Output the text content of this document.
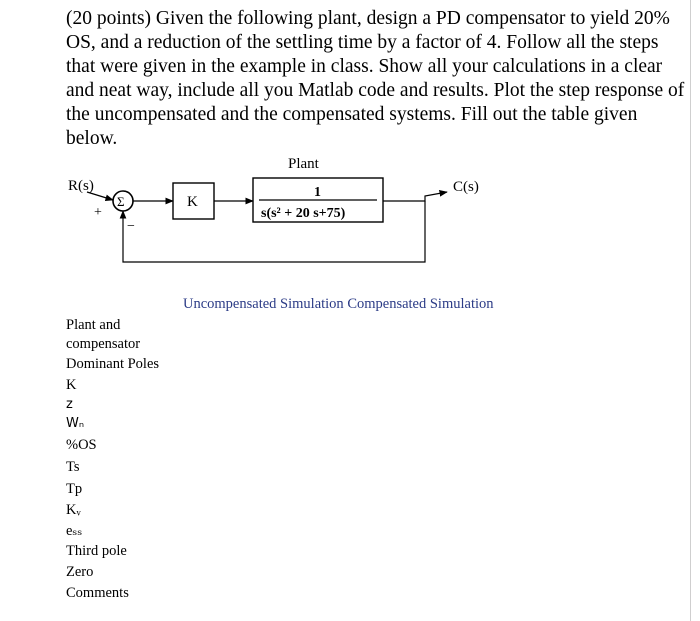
(20 points) Given the following plant, design a PD compensator to yield 20% OS, and a reduction of the settling time by a factor of 4. Follow all the steps that were given in the example in class. Show all your calculations in a clear and neat way, include all you Matlab code and results. Plot the step response of the uncompensated and the compensated systems. Fill out the table given below.

Plant
R(s)
Σ
+
−
K
1
s(s² + 20 s+75)
C(s)
Uncompensated Simulation Compensated Simulation
Plant and
compensator
Dominant Poles
K
z
Wₙ
%OS
Ts
Tp
Kᵥ
eₛₛ
Third pole
Zero
Comments
